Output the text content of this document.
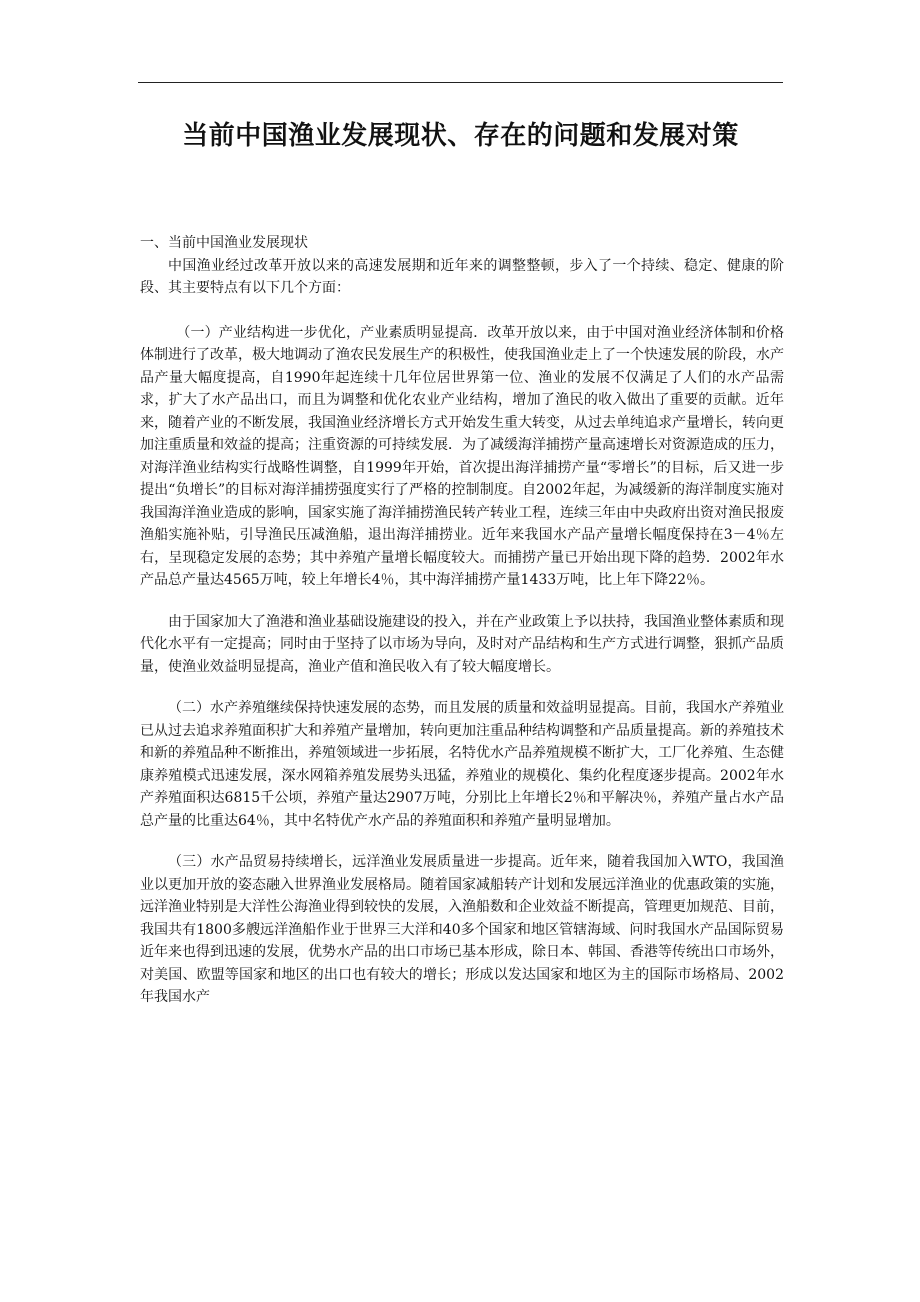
当前中国渔业发展现状、存在的问题和发展对策

一、当前中国渔业发展现状

中国渔业经过改革开放以来的高速发展期和近年来的调整整顿，步入了一个持续、稳定、健康的阶段、其主要特点有以下几个方面：

（一）产业结构进一步优化，产业素质明显提高．改革开放以来，由于中国对渔业经济体制和价格体制进行了改革，极大地调动了渔农民发展生产的积极性，使我国渔业走上了一个快速发展的阶段，水产品产量大幅度提高，自1990年起连续十几年位居世界第一位、渔业的发展不仅满足了人们的水产品需求，扩大了水产品出口，而且为调整和优化农业产业结构，增加了渔民的收入做出了重要的贡献。近年来，随着产业的不断发展，我国渔业经济增长方式开始发生重大转变，从过去单纯追求产量增长，转向更加注重质量和效益的提高；注重资源的可持续发展．为了减缓海洋捕捞产量高速增长对资源造成的压力，对海洋渔业结构实行战略性调整，自1999年开始，首次提出海洋捕捞产量“零增长”的目标，后又进一步提出“负增长”的目标对海洋捕捞强度实行了严格的控制制度。自2002年起，为减缓新的海洋制度实施对我国海洋渔业造成的影响，国家实施了海洋捕捞渔民转产转业工程，连续三年由中央政府出资对渔民报废渔船实施补贴，引导渔民压减渔船，退出海洋捕捞业。近年来我国水产品产量增长幅度保持在3－4％左右，呈现稳定发展的态势；其中养殖产量增长幅度较大。而捕捞产量已开始出现下降的趋势．2002年水产品总产量达4565万吨，较上年增长4％，其中海洋捕捞产量1433万吨，比上年下降22％。

由于国家加大了渔港和渔业基础设施建设的投入，并在产业政策上予以扶持，我国渔业整体素质和现代化水平有一定提高；同时由于坚持了以市场为导向，及时对产品结构和生产方式进行调整，狠抓产品质量，使渔业效益明显提高，渔业产值和渔民收入有了较大幅度增长。

（二）水产养殖继续保持快速发展的态势，而且发展的质量和效益明显提高。目前，我国水产养殖业已从过去追求养殖面积扩大和养殖产量增加，转向更加注重品种结构调整和产品质量提高。新的养殖技术和新的养殖品种不断推出，养殖领域进一步拓展，名特优水产品养殖规模不断扩大，工厂化养殖、生态健康养殖模式迅速发展，深水网箱养殖发展势头迅猛，养殖业的规模化、集约化程度逐步提高。2002年水产养殖面积达6815千公顷，养殖产量达2907万吨，分别比上年增长2％和平解决％，养殖产量占水产品总产量的比重达64％，其中名特优产水产品的养殖面积和养殖产量明显增加。

（三）水产品贸易持续增长，远洋渔业发展质量进一步提高。近年来，随着我国加入WTO，我国渔业以更加开放的姿态融入世界渔业发展格局。随着国家减船转产计划和发展远洋渔业的优惠政策的实施，远洋渔业特别是大洋性公海渔业得到较快的发展，入渔船数和企业效益不断提高，管理更加规范、目前，我国共有1800多艘远洋渔船作业于世界三大洋和40多个国家和地区管辖海域、问时我国水产品国际贸易近年来也得到迅速的发展，优势水产品的出口市场已基本形成，除日本、韩国、香港等传统出口市场外，对美国、欧盟等国家和地区的出口也有较大的增长；形成以发达国家和地区为主的国际市场格局、2002年我国水产
